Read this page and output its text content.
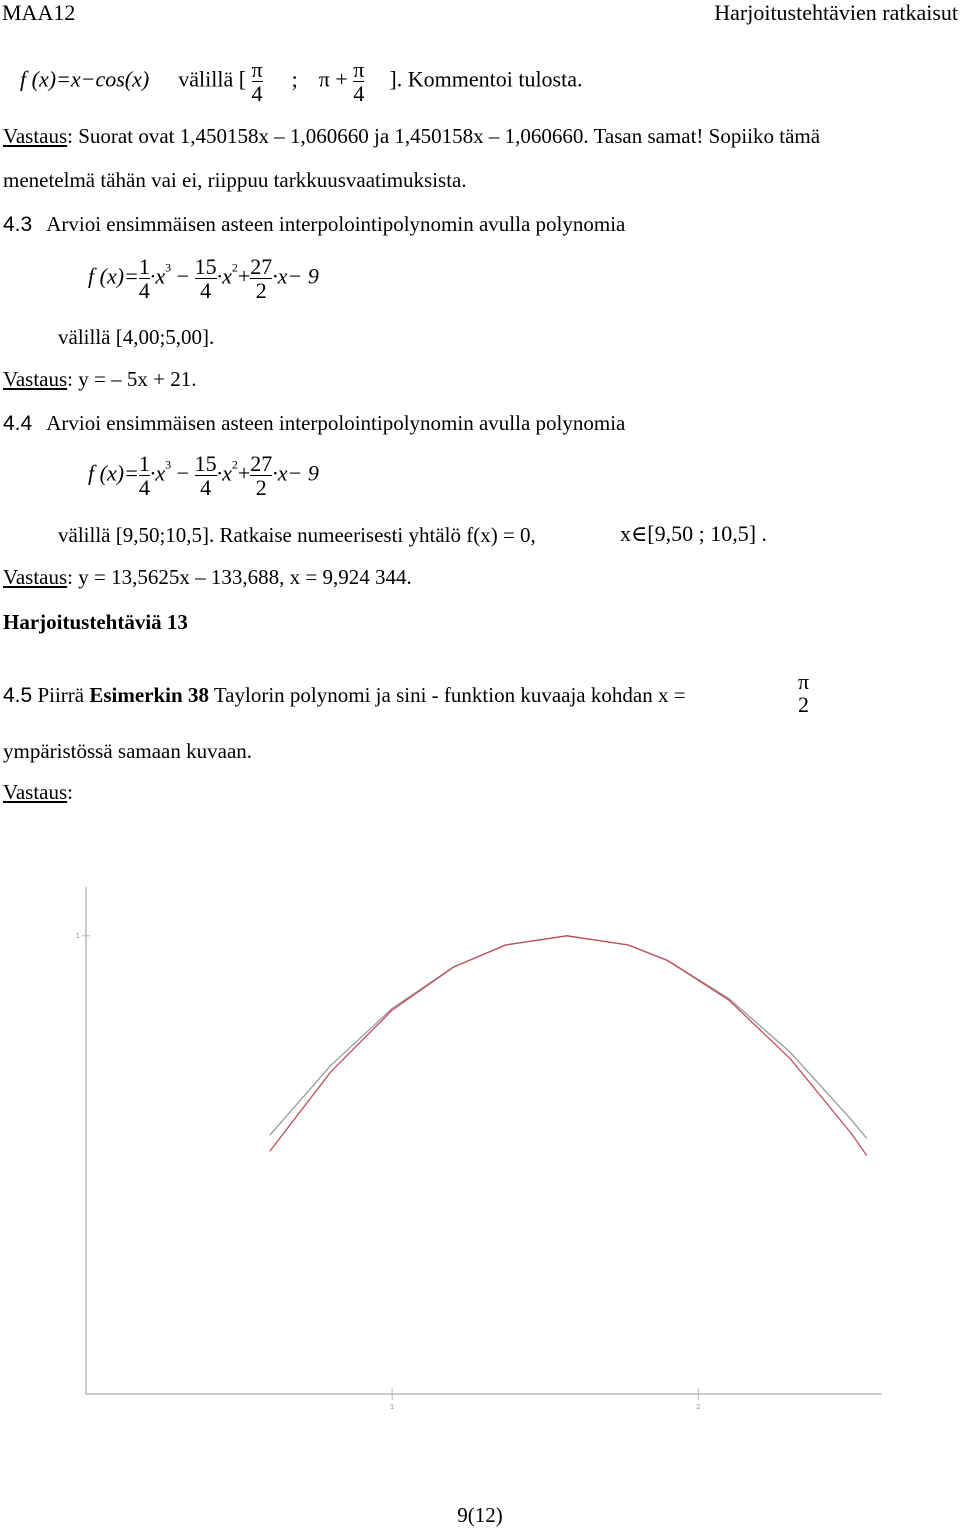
MAA12	Harjoitustehtävien ratkaisut
f (x)=x−cos(x) välillä [ $\frac{\pi}{4}$ ; $\pi + \frac{\pi}{4}$ ]. Kommentoi tulosta.
Vastaus: Suorat ovat 1,450158x – 1,060660 ja 1,450158x – 1,060660. Tasan samat! Sopiiko tämä
menetelmä tähän vai ei, riippuu tarkkuusvaatimuksista.
4.3 Arvioi ensimmäisen asteen interpolointipolynomin avulla polynomia
f $(x)= \frac{1}{4} \cdot x^3 - \frac{15}{4} \cdot x^2+ \frac{27}{2} \cdot x- 9$
välillä [4,00;5,00].
Vastaus: y = – 5x + 21.
4.4 Arvioi ensimmäisen asteen interpolointipolynomin avulla polynomia
f $(x)= \frac{1}{4} \cdot x^3 - \frac{15}{4} \cdot x^2+ \frac{27}{2} \cdot x- 9$
välillä [9,50;10,5]. Ratkaise numeerisesti yhtälö f(x) = 0,	x∈[9,50 ; 10,5] .
Vastaus: y = 13,5625x – 133,688, x = 9,924 344.
Harjoitustehtäviä 13
4.5 Piirrä Esimerkin 38 Taylorin polynomi ja sini - funktion kuvaaja kohdan x =
π
2
ympäristössä samaan kuvaan.
Vastaus:
1	2
1
9(12)
